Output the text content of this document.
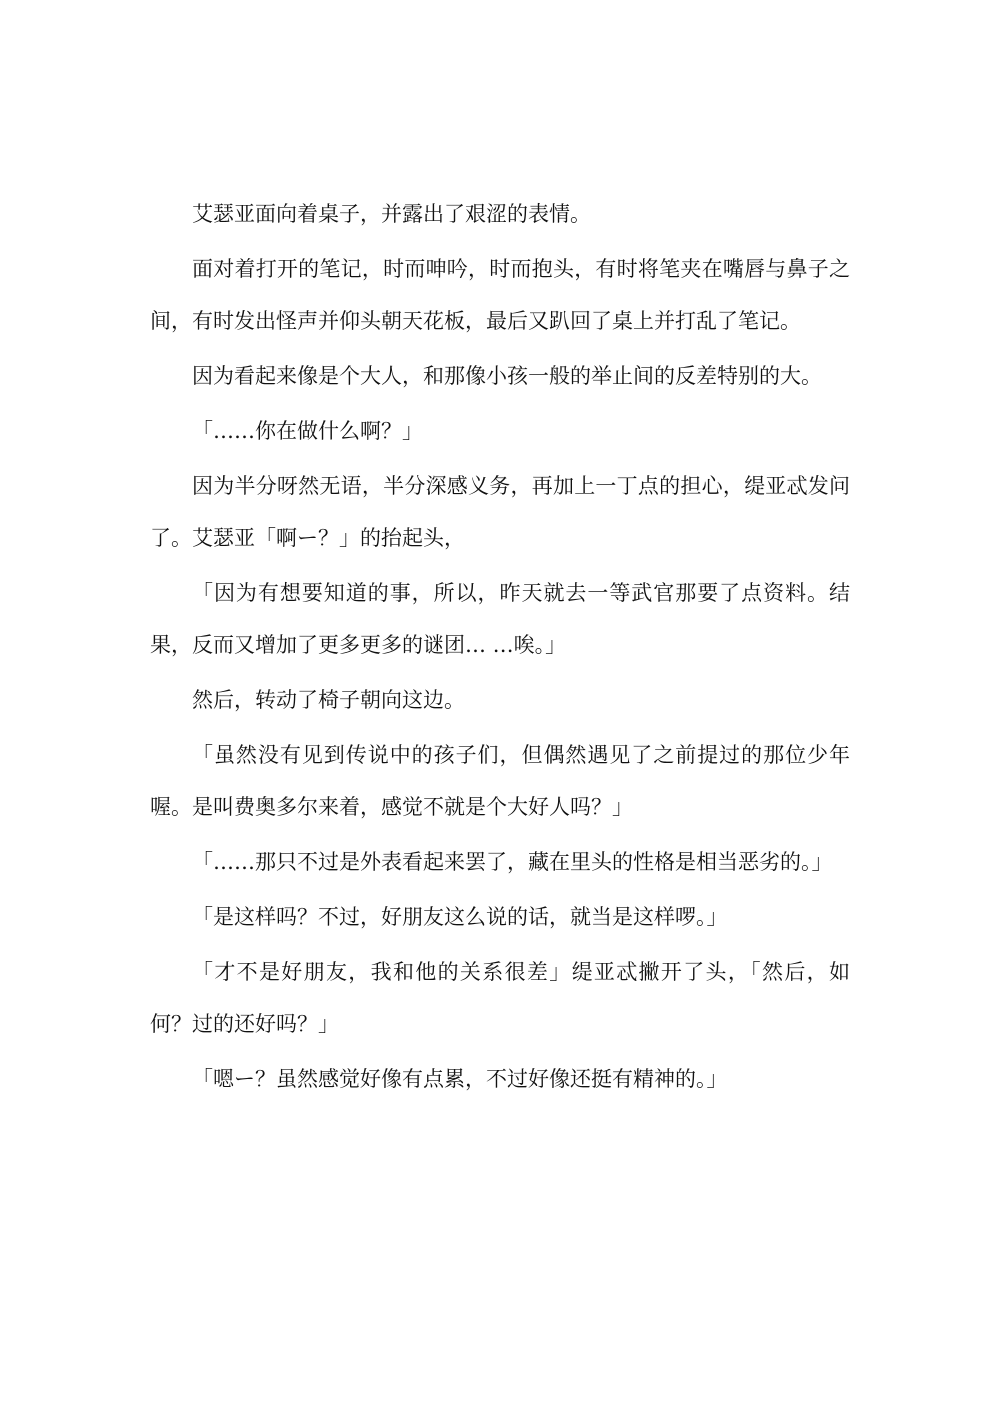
艾瑟亚面向着桌子，并露出了艰涩的表情。

面对着打开的笔记，时而呻吟，时而抱头，有时将笔夹在嘴唇与鼻子之间，有时发出怪声并仰头朝天花板，最后又趴回了桌上并打乱了笔记。

因为看起来像是个大人，和那像小孩一般的举止间的反差特别的大。

「……你在做什么啊？」

因为半分呀然无语，半分深感义务，再加上一丁点的担心，缇亚忒发问了。艾瑟亚「啊ー？」的抬起头，

「因为有想要知道的事，所以，昨天就去一等武官那要了点资料。结果，反而又增加了更多更多的谜团… …唉。」

然后，转动了椅子朝向这边。

「虽然没有见到传说中的孩子们，但偶然遇见了之前提过的那位少年喔。是叫费奥多尔来着，感觉不就是个大好人吗？」

「……那只不过是外表看起来罢了，藏在里头的性格是相当恶劣的。」

「是这样吗？不过，好朋友这么说的话，就当是这样啰。」

「才不是好朋友，我和他的关系很差」缇亚忒撇开了头，「然后，如何？过的还好吗？」

「嗯ー？虽然感觉好像有点累，不过好像还挺有精神的。」
